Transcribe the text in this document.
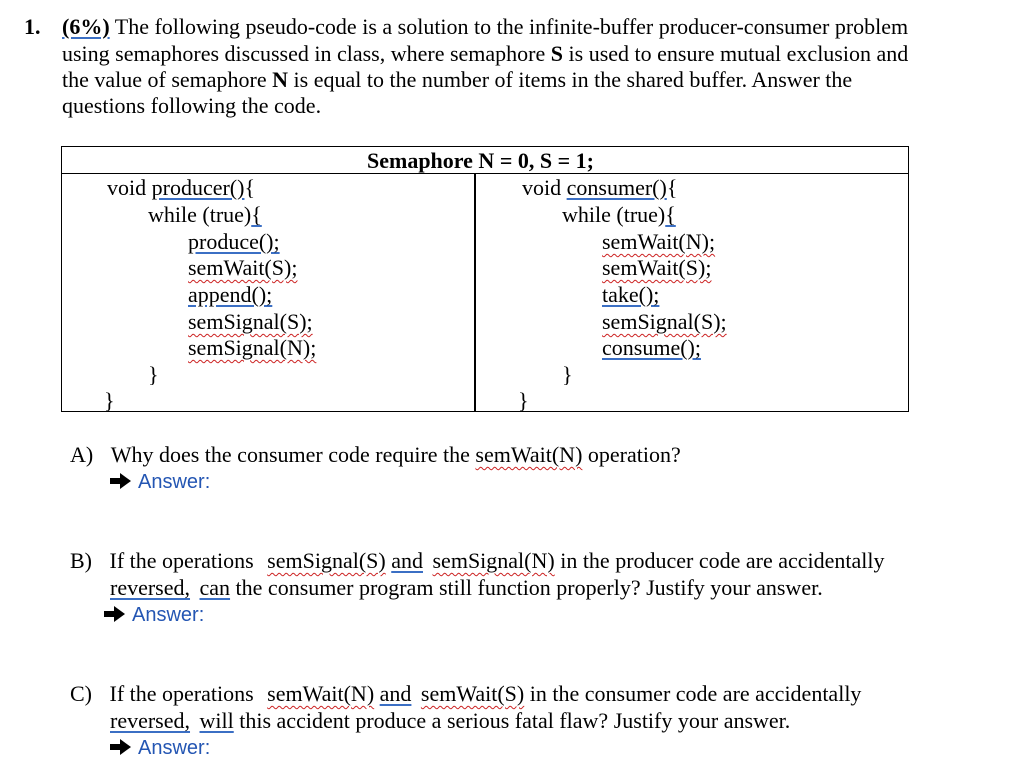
1. (6%) The following pseudo-code is a solution to the infinite-buffer producer-consumer problem
using semaphores discussed in class, where semaphore S is used to ensure mutual exclusion and
the value of semaphore N is equal to the number of items in the shared buffer. Answer the
questions following the code.
Semaphore N = 0, S = 1;
void producer(){
while (true){
produce();
semWait(S);
append();
semSignal(S);
semSignal(N);
}
}
void consumer(){
while (true){
semWait(N);
semWait(S);
take();
semSignal(S);
consume();
}
}
A) Why does the consumer code require the semWait(N) operation?
Answer:
B) If the operations semSignal(S) and semSignal(N) in the producer code are accidentally
reversed, can the consumer program still function properly? Justify your answer.
Answer:
C) If the operations semWait(N) and semWait(S) in the consumer code are accidentally
reversed, will this accident produce a serious fatal flaw? Justify your answer.
Answer:
